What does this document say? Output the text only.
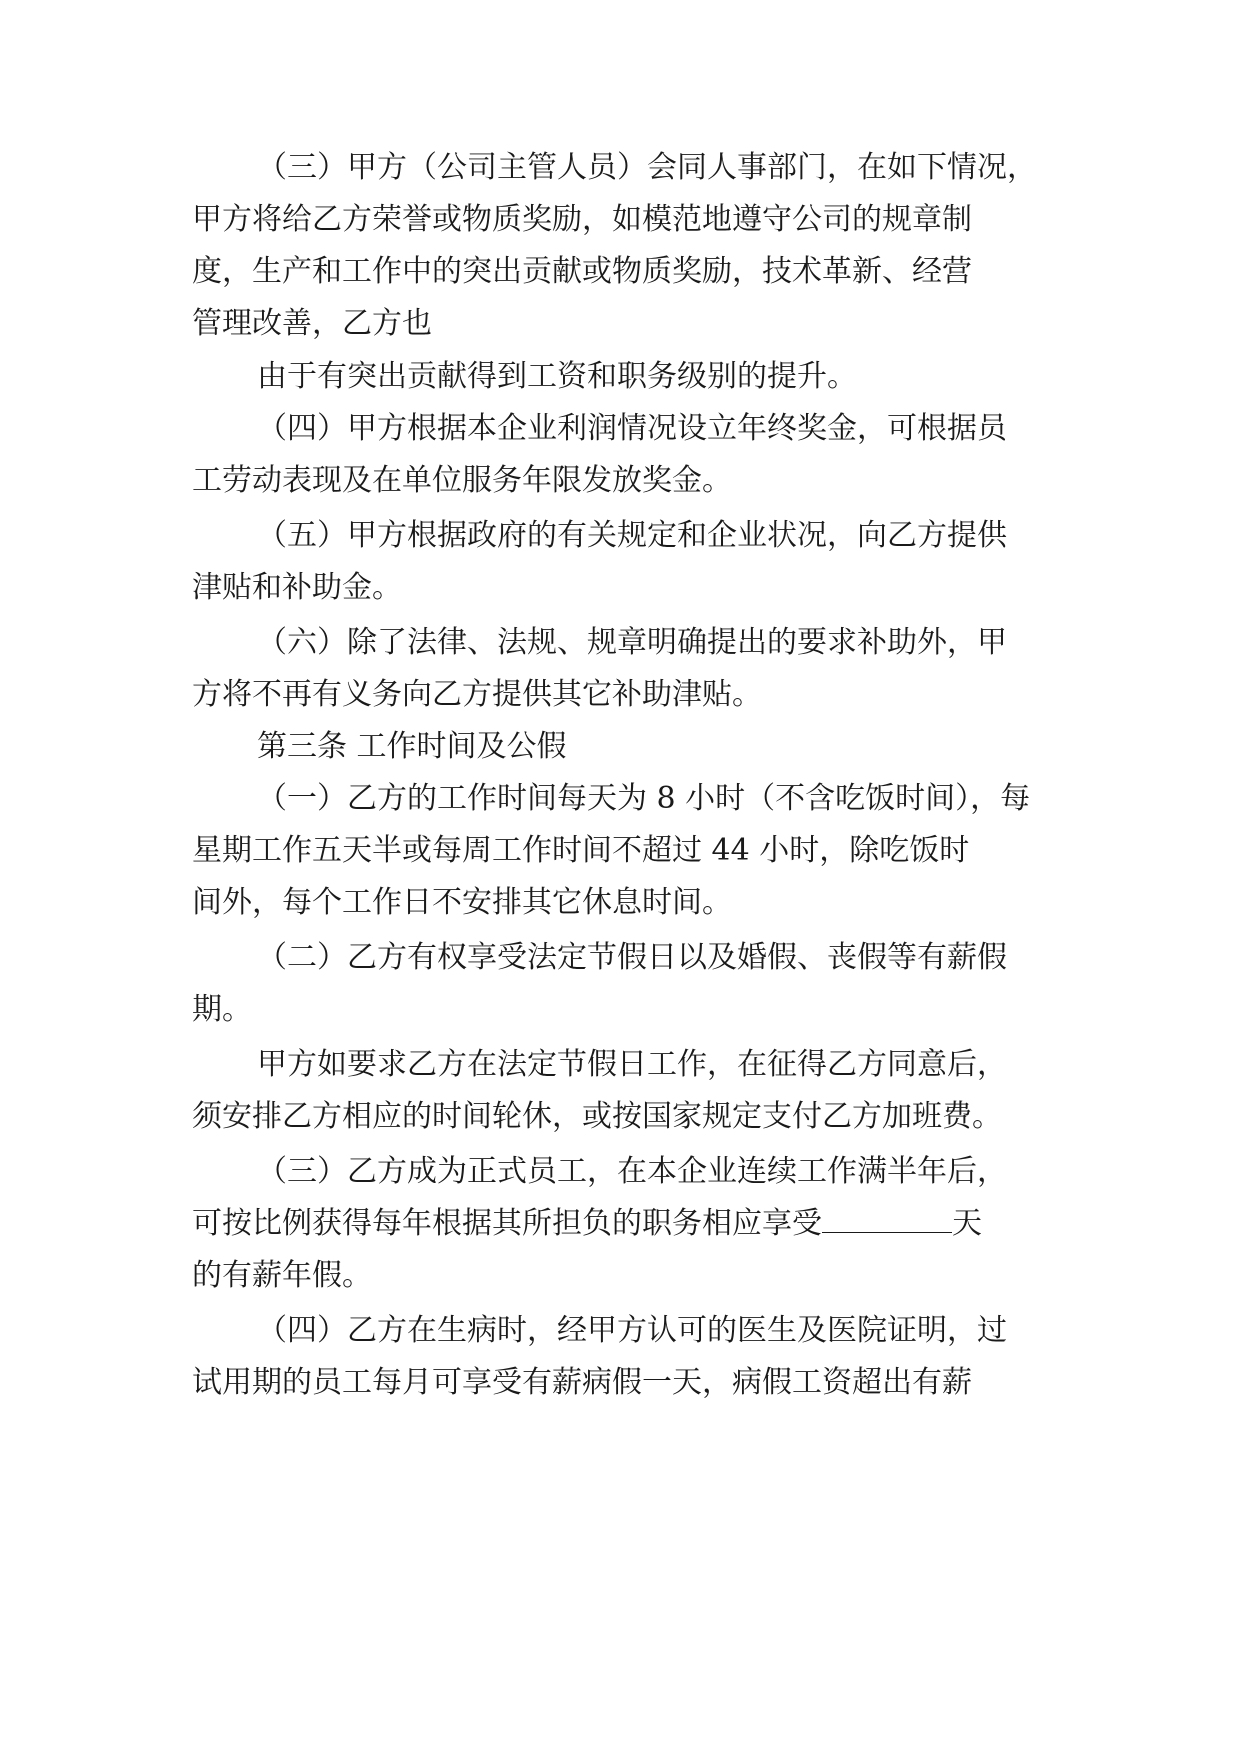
（三）甲方（公司主管人员）会同人事部门，在如下情况，
甲方将给乙方荣誉或物质奖励，如模范地遵守公司的规章制
度，生产和工作中的突出贡献或物质奖励，技术革新、经营
管理改善，乙方也
由于有突出贡献得到工资和职务级别的提升。
（四）甲方根据本企业利润情况设立年终奖金，可根据员
工劳动表现及在单位服务年限发放奖金。
（五）甲方根据政府的有关规定和企业状况，向乙方提供
津贴和补助金。
（六）除了法律、法规、规章明确提出的要求补助外，甲
方将不再有义务向乙方提供其它补助津贴。
第三条 工作时间及公假
（一）乙方的工作时间每天为 8 小时（不含吃饭时间），每
星期工作五天半或每周工作时间不超过 44 小时，除吃饭时
间外，每个工作日不安排其它休息时间。
（二）乙方有权享受法定节假日以及婚假、丧假等有薪假
期。
甲方如要求乙方在法定节假日工作，在征得乙方同意后，
须安排乙方相应的时间轮休，或按国家规定支付乙方加班费。
（三）乙方成为正式员工，在本企业连续工作满半年后，
可按比例获得每年根据其所担负的职务相应享受	天
的有薪年假。
（四）乙方在生病时，经甲方认可的医生及医院证明，过
试用期的员工每月可享受有薪病假一天，病假工资超出有薪
